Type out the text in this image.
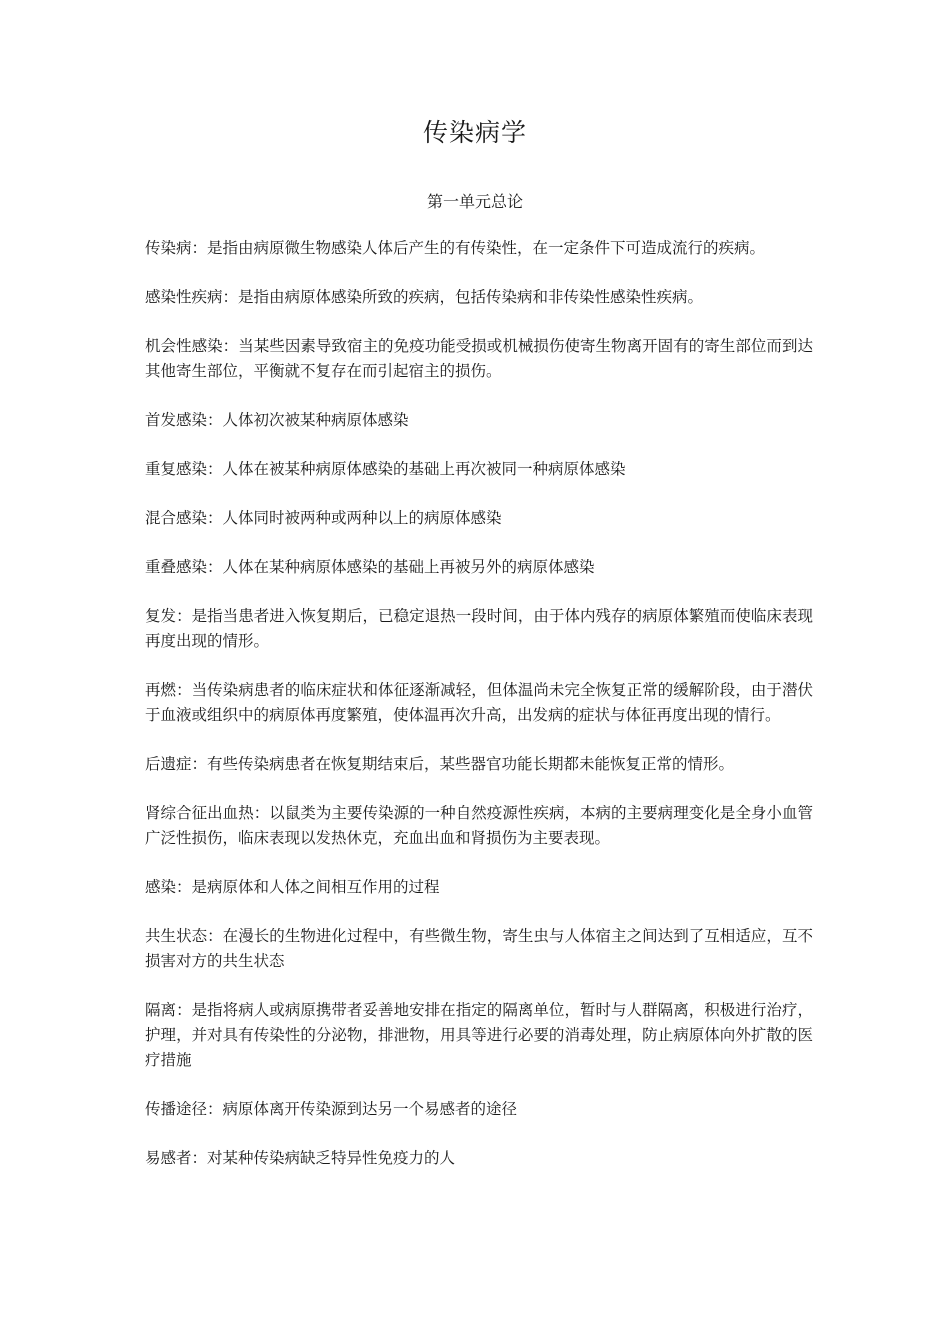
传染病学
第一单元总论

传染病：是指由病原微生物感染人体后产生的有传染性，在一定条件下可造成流行的疾病。

感染性疾病：是指由病原体感染所致的疾病，包括传染病和非传染性感染性疾病。

机会性感染：当某些因素导致宿主的免疫功能受损或机械损伤使寄生物离开固有的寄生部位而到达其他寄生部位，平衡就不复存在而引起宿主的损伤。

首发感染：人体初次被某种病原体感染

重复感染：人体在被某种病原体感染的基础上再次被同一种病原体感染

混合感染：人体同时被两种或两种以上的病原体感染

重叠感染：人体在某种病原体感染的基础上再被另外的病原体感染

复发：是指当患者进入恢复期后，已稳定退热一段时间，由于体内残存的病原体繁殖而使临床表现再度出现的情形。

再燃：当传染病患者的临床症状和体征逐渐减轻，但体温尚未完全恢复正常的缓解阶段，由于潜伏于血液或组织中的病原体再度繁殖，使体温再次升高，出发病的症状与体征再度出现的情行。

后遗症：有些传染病患者在恢复期结束后，某些器官功能长期都未能恢复正常的情形。

肾综合征出血热：以鼠类为主要传染源的一种自然疫源性疾病，本病的主要病理变化是全身小血管广泛性损伤，临床表现以发热休克，充血出血和肾损伤为主要表现。

感染：是病原体和人体之间相互作用的过程

共生状态：在漫长的生物进化过程中，有些微生物，寄生虫与人体宿主之间达到了互相适应，互不损害对方的共生状态

隔离：是指将病人或病原携带者妥善地安排在指定的隔离单位，暂时与人群隔离，积极进行治疗，护理，并对具有传染性的分泌物，排泄物，用具等进行必要的消毒处理，防止病原体向外扩散的医疗措施

传播途径：病原体离开传染源到达另一个易感者的途径

易感者：对某种传染病缺乏特异性免疫力的人
